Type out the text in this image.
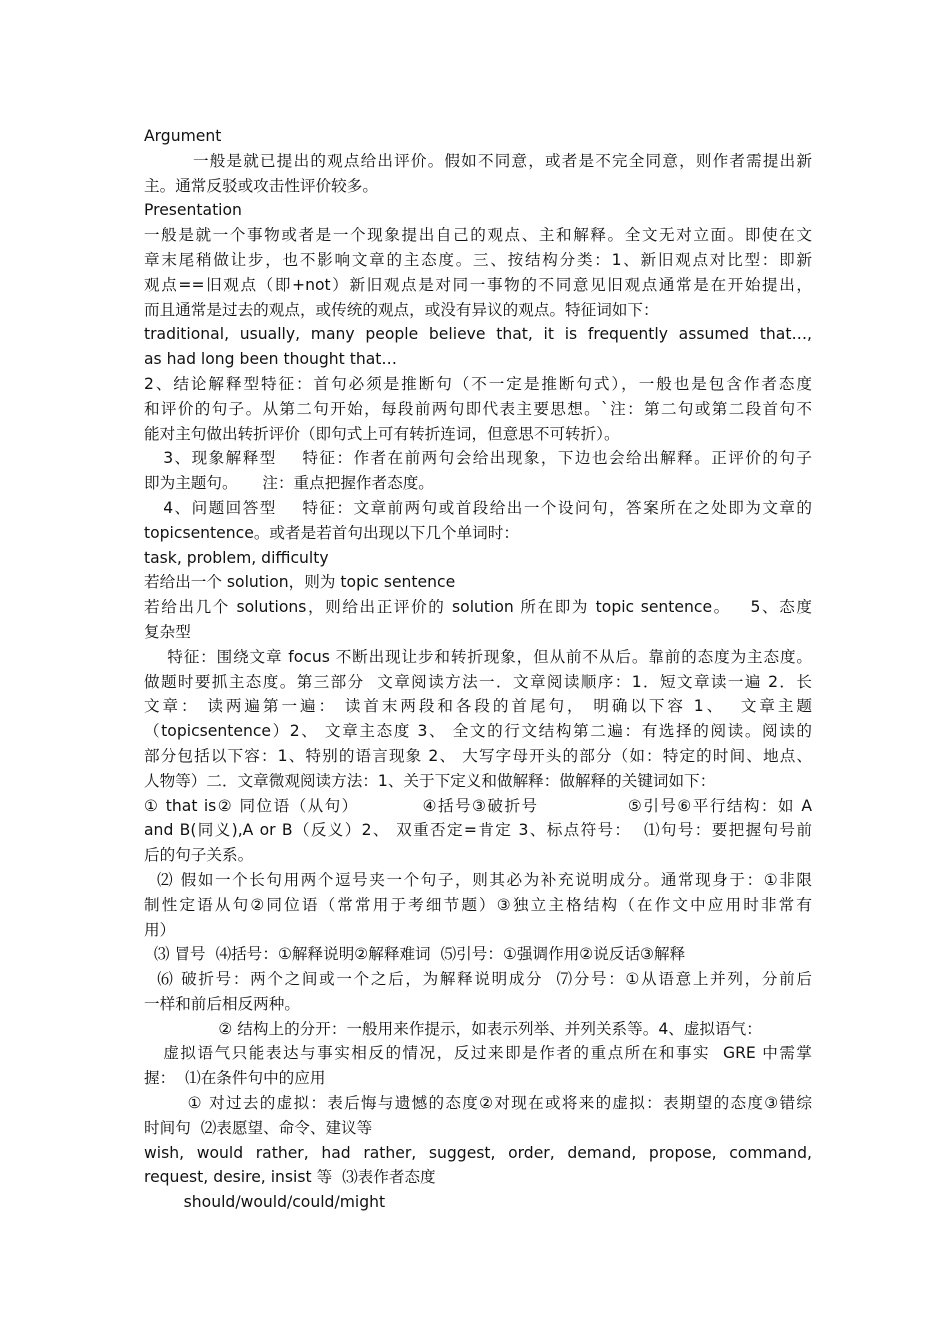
Argument
一般是就已提出的观点给出评价。假如不同意，或者是不完全同意，则作者需提出新
主。通常反驳或攻击性评价较多。
Presentation
一般是就一个事物或者是一个现象提出自己的观点、主和解释。全文无对立面。即使在文
章末尾稍做让步，也不影响文章的主态度。三、按结构分类：1、新旧观点对比型：即新
观点==旧观点（即+not）新旧观点是对同一事物的不同意见旧观点通常是在开始提出，
而且通常是过去的观点，或传统的观点，或没有异议的观点。特征词如下：
traditional, usually, many people believe that, it is frequently assumed that…,
as had long been thought that…
2、结论解释型特征：首句必须是推断句（不一定是推断句式），一般也是包含作者态度
和评价的句子。从第二句开始，每段前两句即代表主要思想。`注：第二句或第二段首句不
能对主句做出转折评价（即句式上可有转折连词，但意思不可转折）。
3、现象解释型    特征：作者在前两句会给出现象，下边也会给出解释。正评价的句子
即为主题句。     注：重点把握作者态度。
4、问题回答型    特征：文章前两句或首段给出一个设问句，答案所在之处即为文章的
topicsentence。或者是若首句出现以下几个单词时：
task, problem, difficulty
若给出一个 solution，则为 topic sentence
若给出几个 solutions，则给出正评价的 solution 所在即为 topic sentence。   5、态度
复杂型
特征：围绕文章 focus 不断出现让步和转折现象，但从前不从后。靠前的态度为主态度。
做题时要抓主态度。第三部分  文章阅读方法一．文章阅读顺序：1．短文章读一遍 2．长
文章： 读两遍第一遍： 读首末两段和各段的首尾句， 明确以下容 1、  文章主题
（topicsentence）2、 文章主态度 3、 全文的行文结构第二遍：有选择的阅读。阅读的
部分包括以下容：1、特别的语言现象 2、 大写字母开头的部分（如：特定的时间、地点、
人物等）二．文章微观阅读方法：1、关于下定义和做解释：做解释的关键词如下：
① that is② 同位语（从句）          ④括号③破折号              ⑤引号⑥平行结构：如 A
and B(同义),A or B（反义）2、 双重否定=肯定 3、标点符号：  ⑴句号：要把握句号前
后的句子关系。
⑵ 假如一个长句用两个逗号夹一个句子，则其必为补充说明成分。通常现身于：①非限
制性定语从句②同位语（常常用于考细节题）③独立主格结构（在作文中应用时非常有
用）
⑶ 冒号  ⑷括号：①解释说明②解释难词  ⑸引号：①强调作用②说反话③解释
⑹ 破折号：两个之间或一个之后，为解释说明成分  ⑺分号：①从语意上并列，分前后
一样和前后相反两种。
② 结构上的分开：一般用来作提示，如表示列举、并列关系等。4、虚拟语气：
虚拟语气只能表达与事实相反的情况，反过来即是作者的重点所在和事实  GRE 中需掌
握：  ⑴在条件句中的应用
① 对过去的虚拟：表后悔与遗憾的态度②对现在或将来的虚拟：表期望的态度③错综
时间句  ⑵表愿望、命令、建议等
wish, would rather, had rather, suggest, order, demand, propose, command,
request, desire, insist 等  ⑶表作者态度
should/would/could/might
